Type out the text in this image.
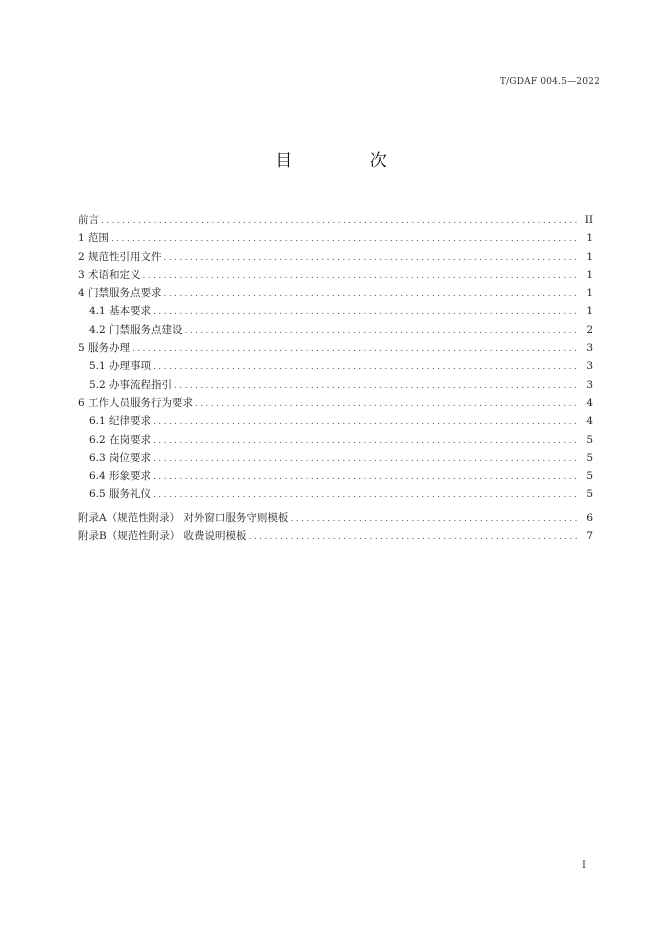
T/GDAF 004.5—2022
目 次
前言 .....	II
1 范围 .....	1
2 规范性引用文件 .....	1
3 术语和定义 .....	1
4 门禁服务点要求 .....	1
4.1 基本要求 .....	1
4.2 门禁服务点建设 .....	2
5 服务办理 .....	3
5.1 办理事项 .....	3
5.2 办事流程指引 .....	3
6 工作人员服务行为要求 .....	4
6.1 纪律要求 .....	4
6.2 在岗要求 .....	5
6.3 岗位要求 .....	5
6.4 形象要求 .....	5
6.5 服务礼仪 .....	5
附录A（规范性附录） 对外窗口服务守则模板 .....	6
附录B（规范性附录） 收费说明模板 .....	7
I
